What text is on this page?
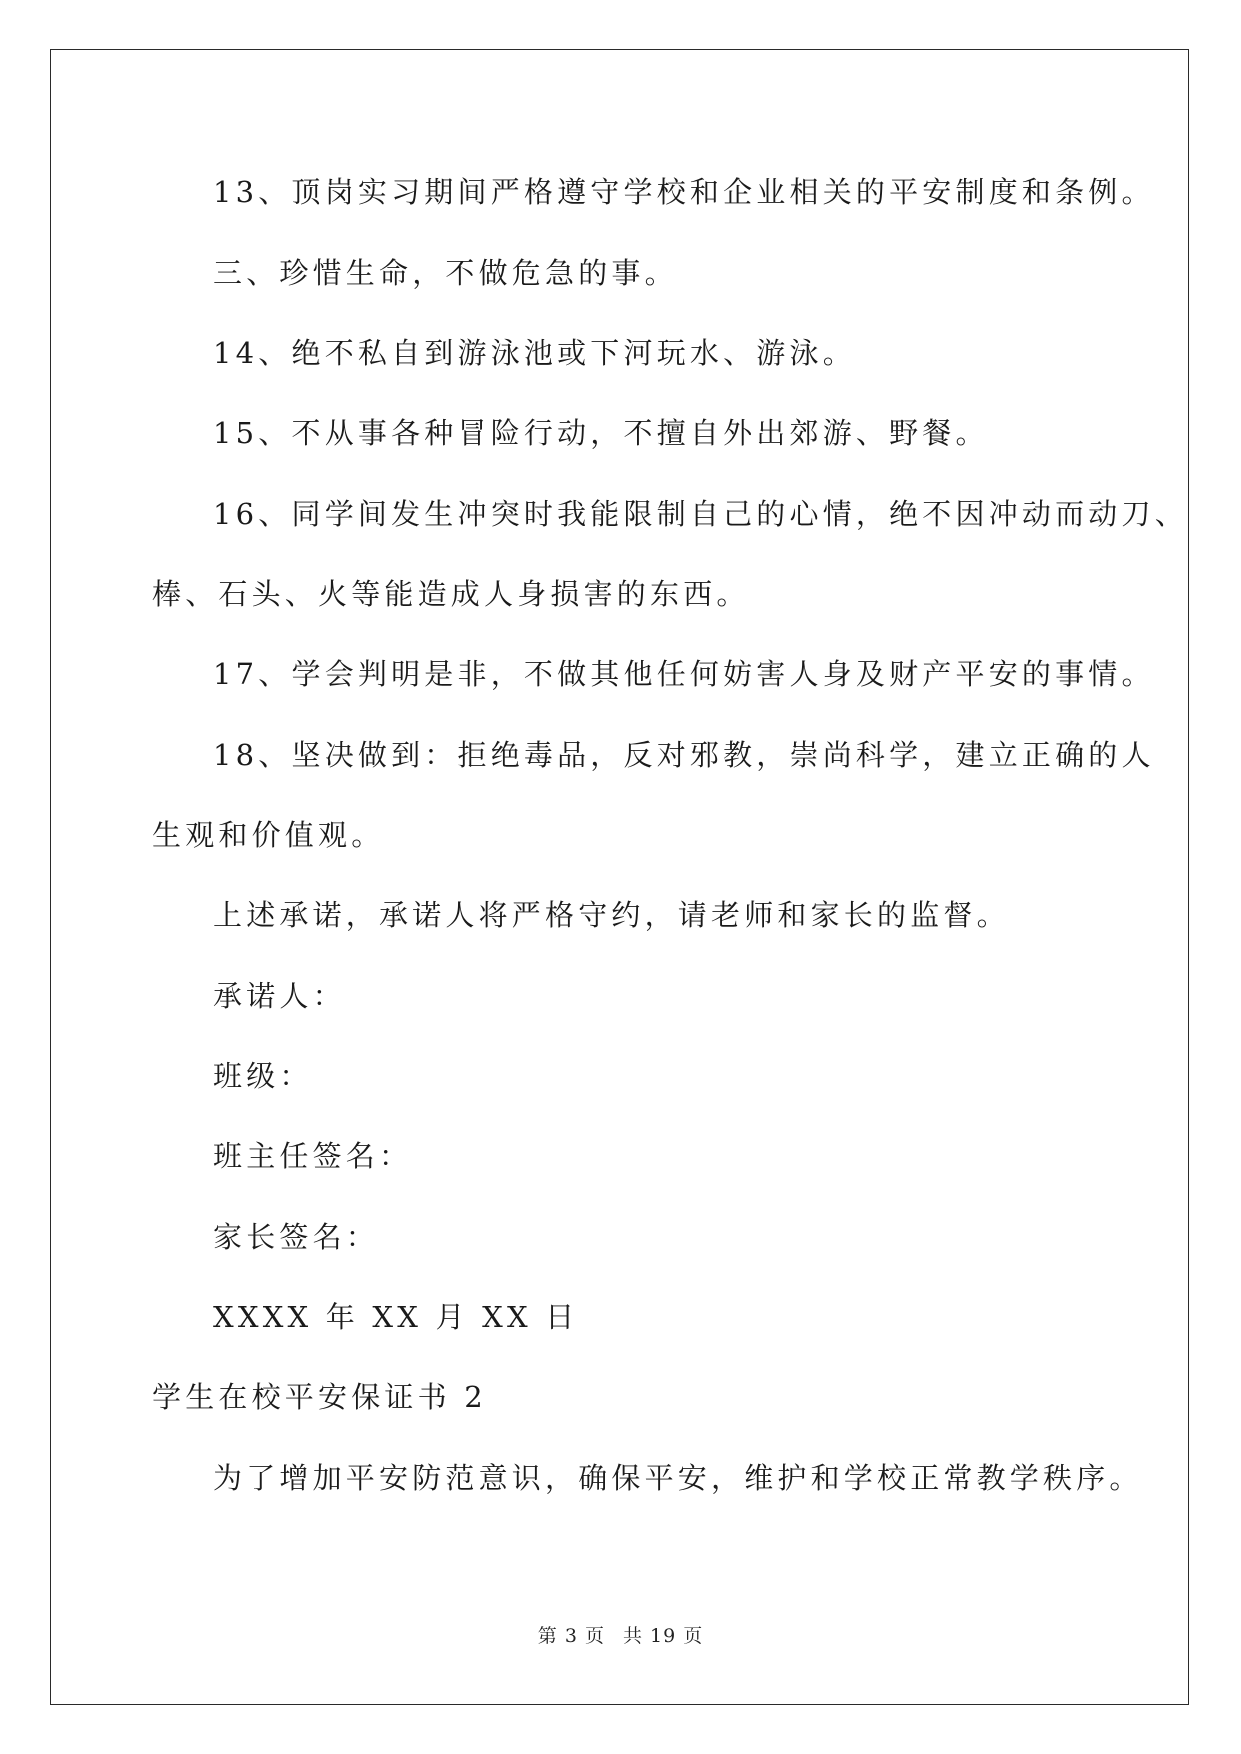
13、顶岗实习期间严格遵守学校和企业相关的平安制度和条例。
三、珍惜生命，不做危急的事。
14、绝不私自到游泳池或下河玩水、游泳。
15、不从事各种冒险行动，不擅自外出郊游、野餐。
16、同学间发生冲突时我能限制自己的心情，绝不因冲动而动刀、
棒、石头、火等能造成人身损害的东西。
17、学会判明是非，不做其他任何妨害人身及财产平安的事情。
18、坚决做到：拒绝毒品，反对邪教，崇尚科学，建立正确的人
生观和价值观。
上述承诺，承诺人将严格守约，请老师和家长的监督。
承诺人：
班级：
班主任签名：
家长签名：
XXXX 年 XX 月 XX 日
学生在校平安保证书 2
为了增加平安防范意识，确保平安，维护和学校正常教学秩序。
第 3 页 共 19 页
